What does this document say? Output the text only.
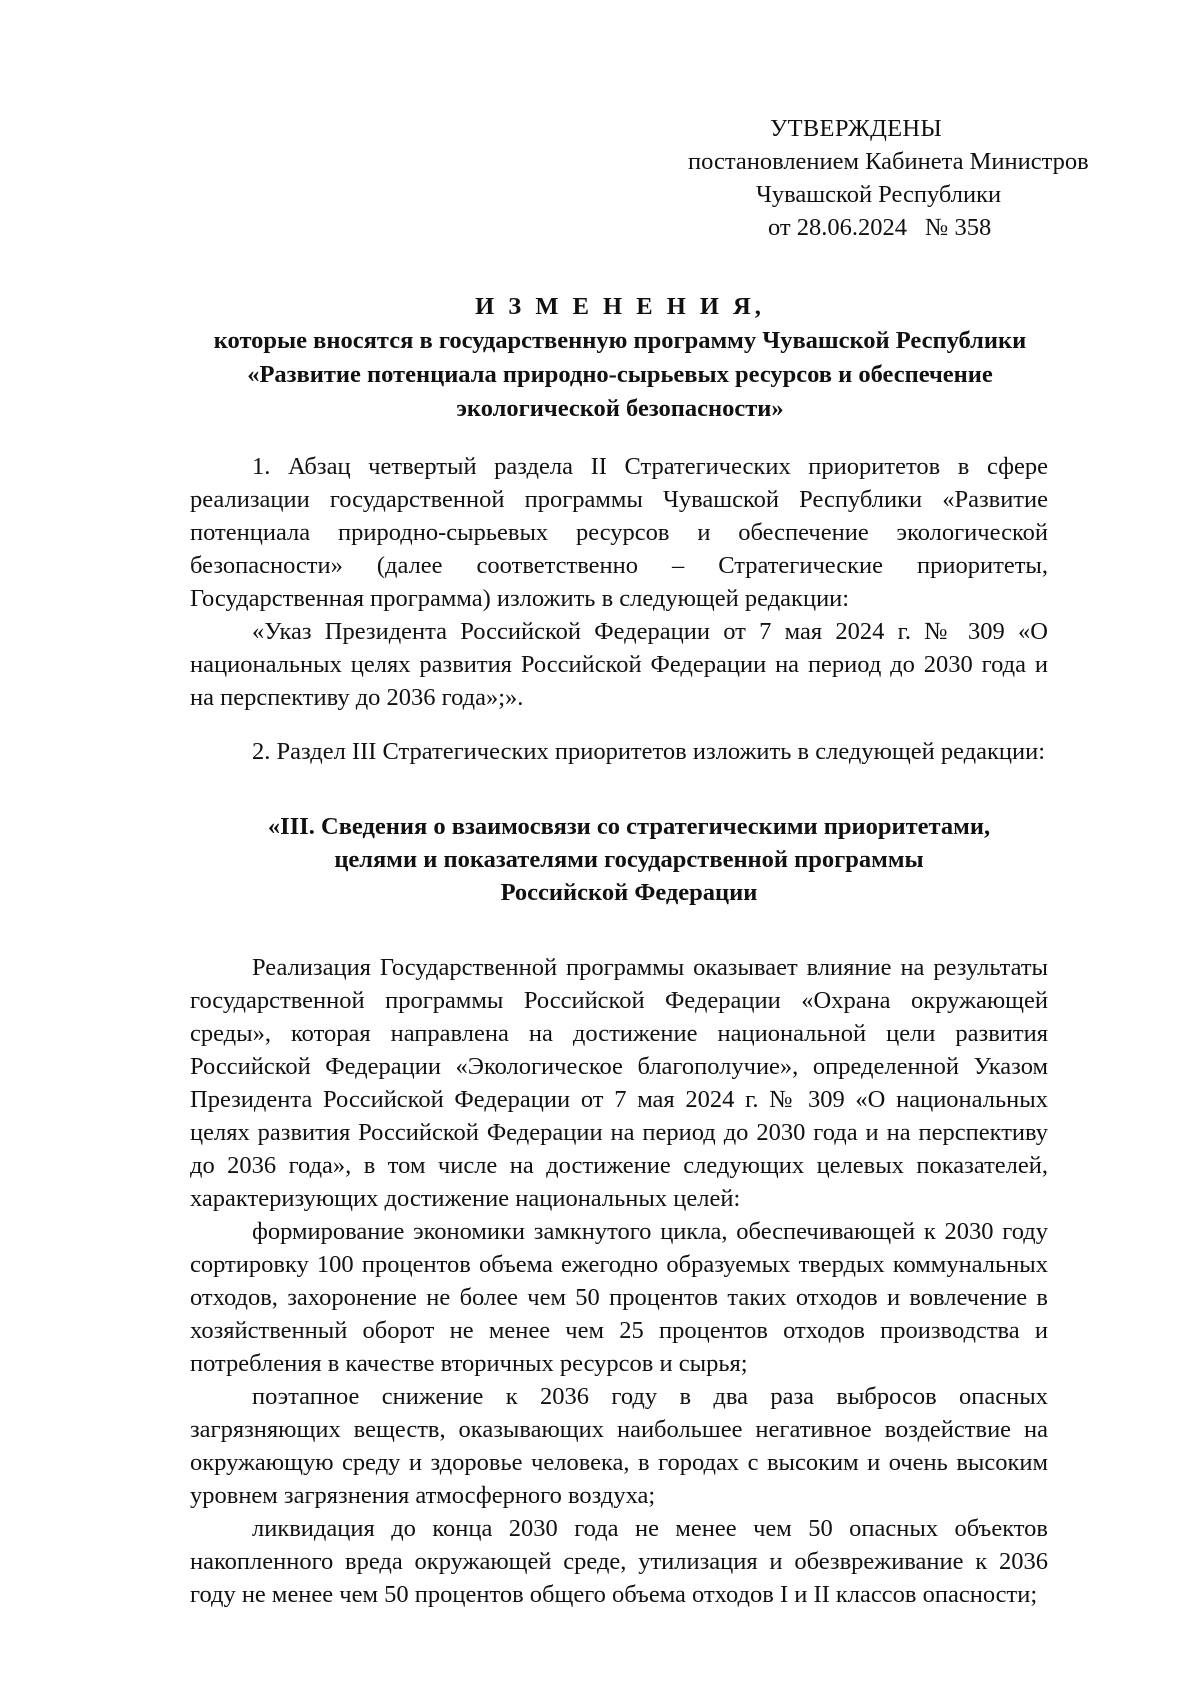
УТВЕРЖДЕНЫ
постановлением Кабинета Министров
Чувашской Республики
от 28.06.2024 № 358
И З М Е Н Е Н И Я,
которые вносятся в государственную программу Чувашской Республики
«Развитие потенциала природно-сырьевых ресурсов и обеспечение
экологической безопасности»

1. Абзац четвертый раздела II Стратегических приоритетов в сфере реализации государственной программы Чувашской Республики «Развитие потенциала природно-сырьевых ресурсов и обеспечение экологической безопасности» (далее соответственно – Стратегические приоритеты, Государственная программа) изложить в следующей редакции:

«Указ Президента Российской Федерации от 7 мая 2024 г. № 309 «О национальных целях развития Российской Федерации на период до 2030 года и на перспективу до 2036 года»;».

2. Раздел III Стратегических приоритетов изложить в следующей редакции:

«III. Сведения о взаимосвязи со стратегическими приоритетами,
целями и показателями государственной программы
Российской Федерации

Реализация Государственной программы оказывает влияние на результаты государственной программы Российской Федерации «Охрана окружающей среды», которая направлена на достижение национальной цели развития Российской Федерации «Экологическое благополучие», определенной Указом Президента Российской Федерации от 7 мая 2024 г. № 309 «О национальных целях развития Российской Федерации на период до 2030 года и на перспективу до 2036 года», в том числе на достижение следующих целевых показателей, характеризующих достижение национальных целей:

формирование экономики замкнутого цикла, обеспечивающей к 2030 году сортировку 100 процентов объема ежегодно образуемых твердых коммунальных отходов, захоронение не более чем 50 процентов таких отходов и вовлечение в хозяйственный оборот не менее чем 25 процентов отходов производства и потребления в качестве вторичных ресурсов и сырья;

поэтапное снижение к 2036 году в два раза выбросов опасных загрязняющих веществ, оказывающих наибольшее негативное воздействие на окружающую среду и здоровье человека, в городах с высоким и очень высоким уровнем загрязнения атмосферного воздуха;

ликвидация до конца 2030 года не менее чем 50 опасных объектов накопленного вреда окружающей среде, утилизация и обезвреживание к 2036 году не менее чем 50 процентов общего объема отходов I и II классов опасности;
